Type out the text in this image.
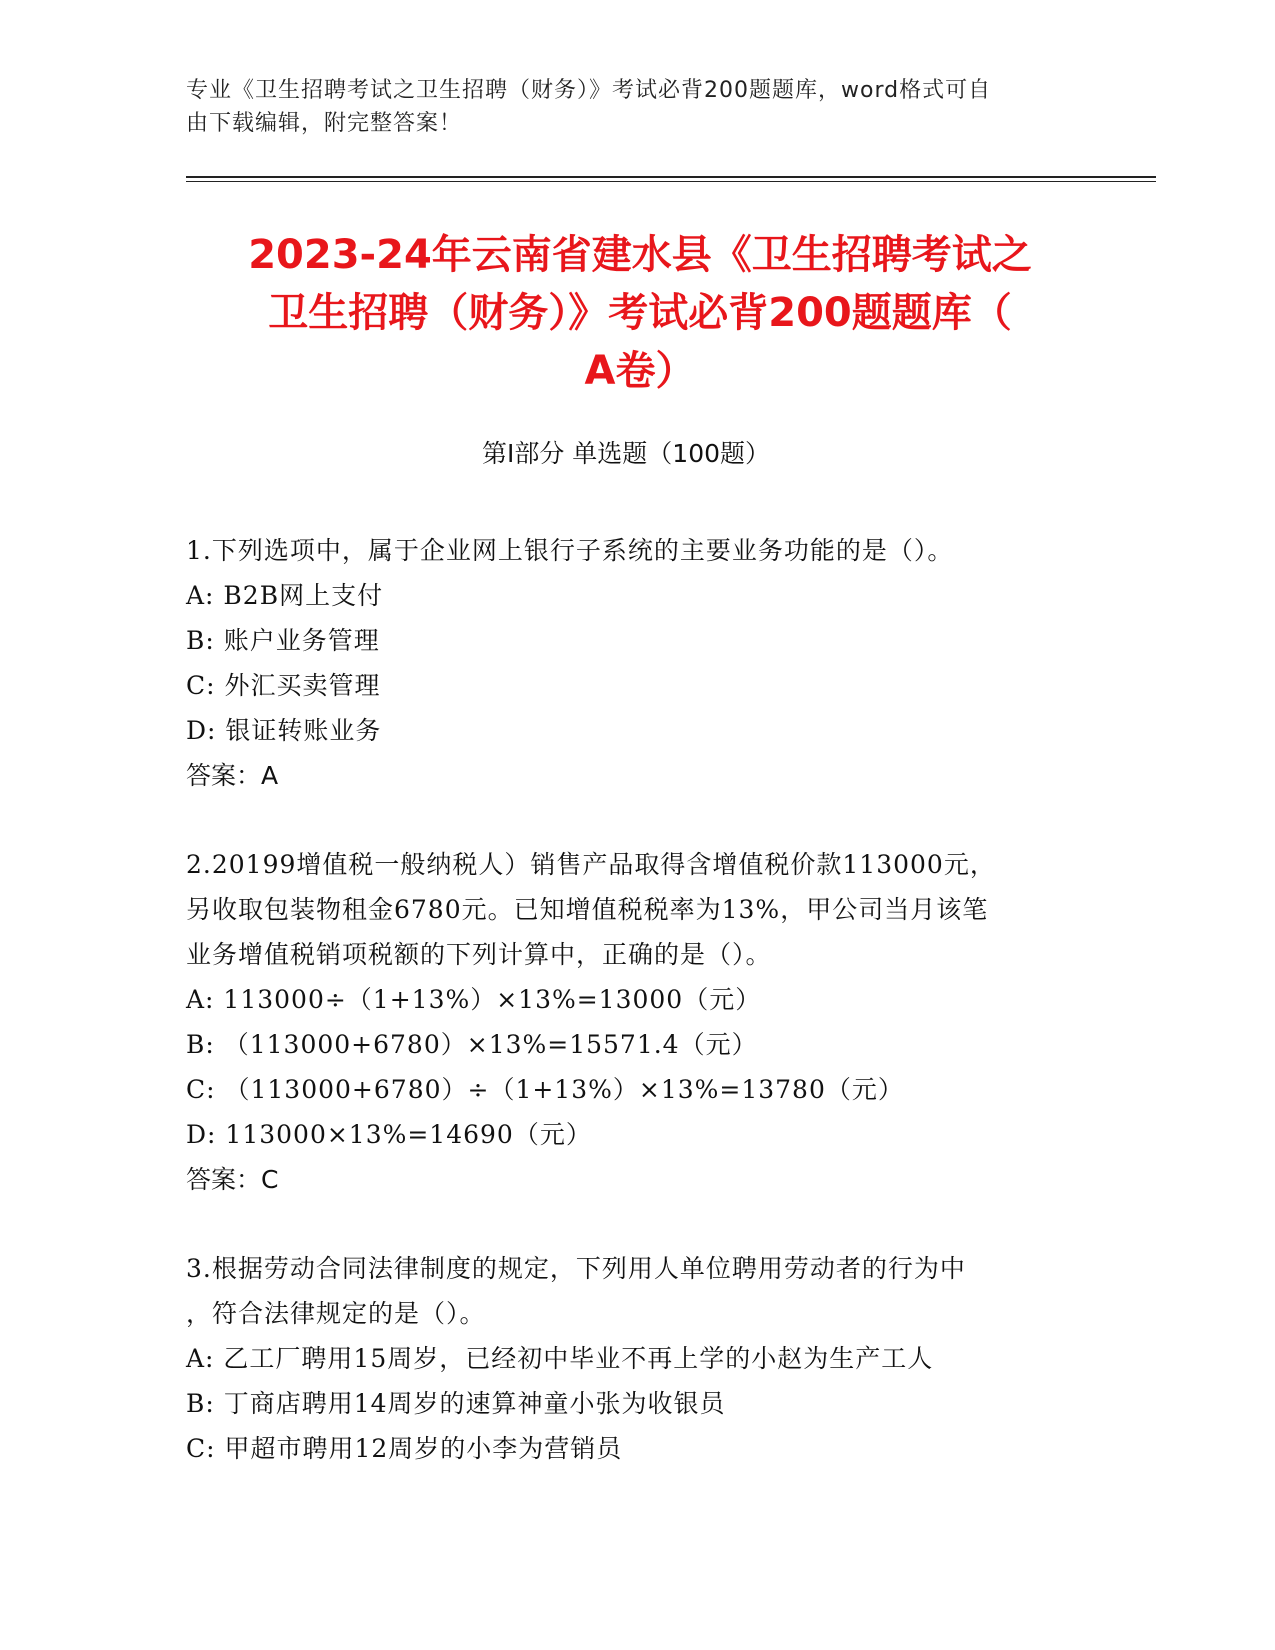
专业《卫生招聘考试之卫生招聘（财务）》考试必背200题题库，word格式可自
由下载编辑，附完整答案！
2023-24年云南省建水县《卫生招聘考试之
卫生招聘（财务）》考试必背200题题库（
A卷）
第Ⅰ部分 单选题（100题）
1.下列选项中，属于企业网上银行子系统的主要业务功能的是（）。
A: B2B网上支付
B: 账户业务管理
C: 外汇买卖管理
D: 银证转账业务
答案：A
2.20199增值税一般纳税人）销售产品取得含增值税价款113000元，
另收取包装物租金6780元。已知增值税税率为13%，甲公司当月该笔
业务增值税销项税额的下列计算中，正确的是（）。
A: 113000÷（1+13%）×13%=13000（元）
B: （113000+6780）×13%=15571.4（元）
C: （113000+6780）÷（1+13%）×13%=13780（元）
D: 113000×13%=14690（元）
答案：C
3.根据劳动合同法律制度的规定，下列用人单位聘用劳动者的行为中
，符合法律规定的是（）。
A: 乙工厂聘用15周岁，已经初中毕业不再上学的小赵为生产工人
B: 丁商店聘用14周岁的速算神童小张为收银员
C: 甲超市聘用12周岁的小李为营销员
